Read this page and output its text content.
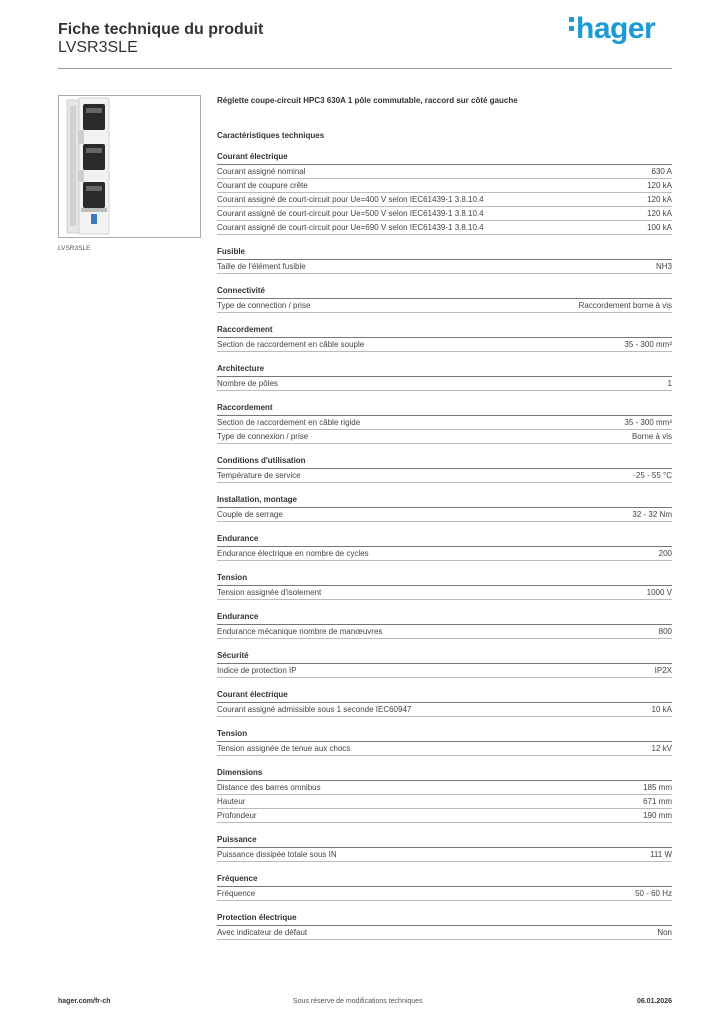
Fiche technique du produit
LVSR3SLE
hager
LVSR3SLE

Réglette coupe-circuit HPC3 630A 1 pôle commutable, raccord sur côté gauche

Caractéristiques techniques

Courant électrique
Courant assigné nominal	630 A
Courant de coupure crête	120 kA
Courant assigné de court-circuit pour Ue=400 V selon IEC61439-1 3.8.10.4	120 kA
Courant assigné de court-circuit pour Ue=500 V selon IEC61439-1 3.8.10.4	120 kA
Courant assigné de court-circuit pour Ue=690 V selon IEC61439-1 3.8.10.4	100 kA
Fusible
Taille de l'élément fusible	NH3
Connectivité
Type de connection / prise	Raccordement borne à vis
Raccordement
Section de raccordement en câble souple	35 - 300 mm²
Architecture
Nombre de pôles	1
Raccordement
Section de raccordement en câble rigide	35 - 300 mm²
Type de connexion / prise	Borne à vis
Conditions d'utilisation
Température de service	-25 - 55 °C
Installation, montage
Couple de serrage	32 - 32 Nm
Endurance
Endurance électrique en nombre de cycles	200
Tension
Tension assignée d'isolement	1000 V
Endurance
Endurance mécanique nombre de manœuvres	800
Sécurité
Indice de protection IP	IP2X
Courant électrique
Courant assigné admissible sous 1 seconde IEC60947	10 kA
Tension
Tension assignée de tenue aux chocs	12 kV
Dimensions
Distance des barres omnibus	185 mm
Hauteur	671 mm
Profondeur	190 mm
Puissance
Puissance dissipée totale sous IN	111 W
Fréquence
Fréquence	50 - 60 Hz
Protection électrique
Avec indicateur de défaut	Non
hager.com/fr-ch	Sous réserve de modifications techniques	06.01.2026
